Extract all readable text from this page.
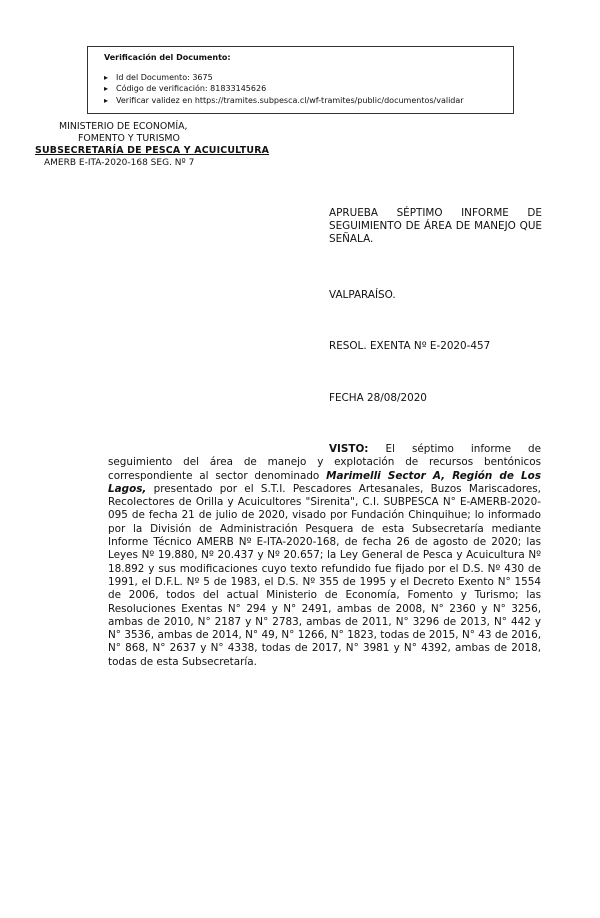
Verificación del Documento:
▸ Id del Documento: 3675
▸ Código de verificación: 81833145626
▸ Verificar validez en https://tramites.subpesca.cl/wf-tramites/public/documentos/validar
MINISTERIO DE ECONOMÍA,
FOMENTO Y TURISMO
SUBSECRETARÍA DE PESCA Y ACUICULTURA
AMERB E-ITA-2020-168 SEG. Nº 7
APRUEBA SÉPTIMO INFORME DE SEGUIMIENTO DE ÁREA DE MANEJO QUE SEÑALA.
VALPARAÍSO.
RESOL. EXENTA Nº E-2020-457
FECHA 28/08/2020
VISTO: El séptimo informe de seguimiento del área de manejo y explotación de recursos bentónicos correspondiente al sector denominado Marimelli Sector A, Región de Los Lagos, presentado por el S.T.I. Pescadores Artesanales, Buzos Mariscadores, Recolectores de Orilla y Acuicultores "Sirenita", C.I. SUBPESCA N° E-AMERB-2020-095 de fecha 21 de julio de 2020, visado por Fundación Chinquihue; lo informado por la División de Administración Pesquera de esta Subsecretaría mediante Informe Técnico AMERB Nº E-ITA-2020-168, de fecha 26 de agosto de 2020; las Leyes Nº 19.880, Nº 20.437 y Nº 20.657; la Ley General de Pesca y Acuicultura Nº 18.892 y sus modificaciones cuyo texto refundido fue fijado por el D.S. Nº 430 de 1991, el D.F.L. Nº 5 de 1983, el D.S. Nº 355 de 1995 y el Decreto Exento N° 1554 de 2006, todos del actual Ministerio de Economía, Fomento y Turismo; las Resoluciones Exentas N° 294 y N° 2491, ambas de 2008, N° 2360 y N° 3256, ambas de 2010, N° 2187 y N° 2783, ambas de 2011, N° 3296 de 2013, N° 442 y N° 3536, ambas de 2014, N° 49, N° 1266, N° 1823, todas de 2015, N° 43 de 2016, N° 868, N° 2637 y N° 4338, todas de 2017, N° 3981 y N° 4392, ambas de 2018, todas de esta Subsecretaría.
